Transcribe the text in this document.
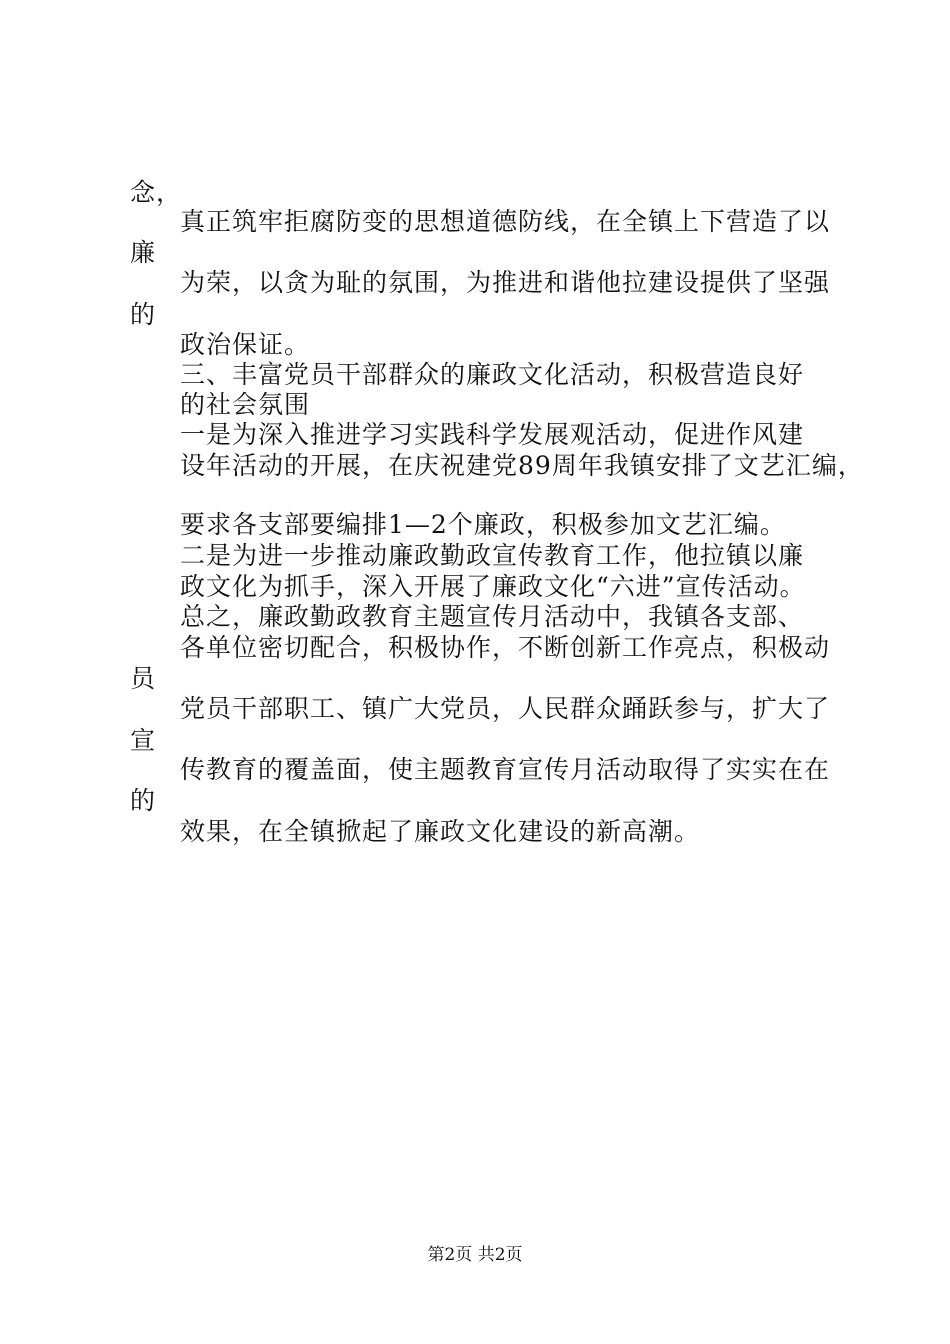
念，
真正筑牢拒腐防变的思想道德防线，在全镇上下营造了以
廉
为荣，以贪为耻的氛围，为推进和谐他拉建设提供了坚强
的
政治保证。
三、丰富党员干部群众的廉政文化活动，积极营造良好
的社会氛围
一是为深入推进学习实践科学发展观活动，促进作风建
设年活动的开展，在庆祝建党89周年我镇安排了文艺汇编，
要求各支部要编排1—2个廉政，积极参加文艺汇编。
二是为进一步推动廉政勤政宣传教育工作，他拉镇以廉
政文化为抓手，深入开展了廉政文化“六进”宣传活动。
总之，廉政勤政教育主题宣传月活动中，我镇各支部、
各单位密切配合，积极协作，不断创新工作亮点，积极动
员
党员干部职工、镇广大党员，人民群众踊跃参与，扩大了
宣
传教育的覆盖面，使主题教育宣传月活动取得了实实在在
的
效果，在全镇掀起了廉政文化建设的新高潮。
第2页 共2页
